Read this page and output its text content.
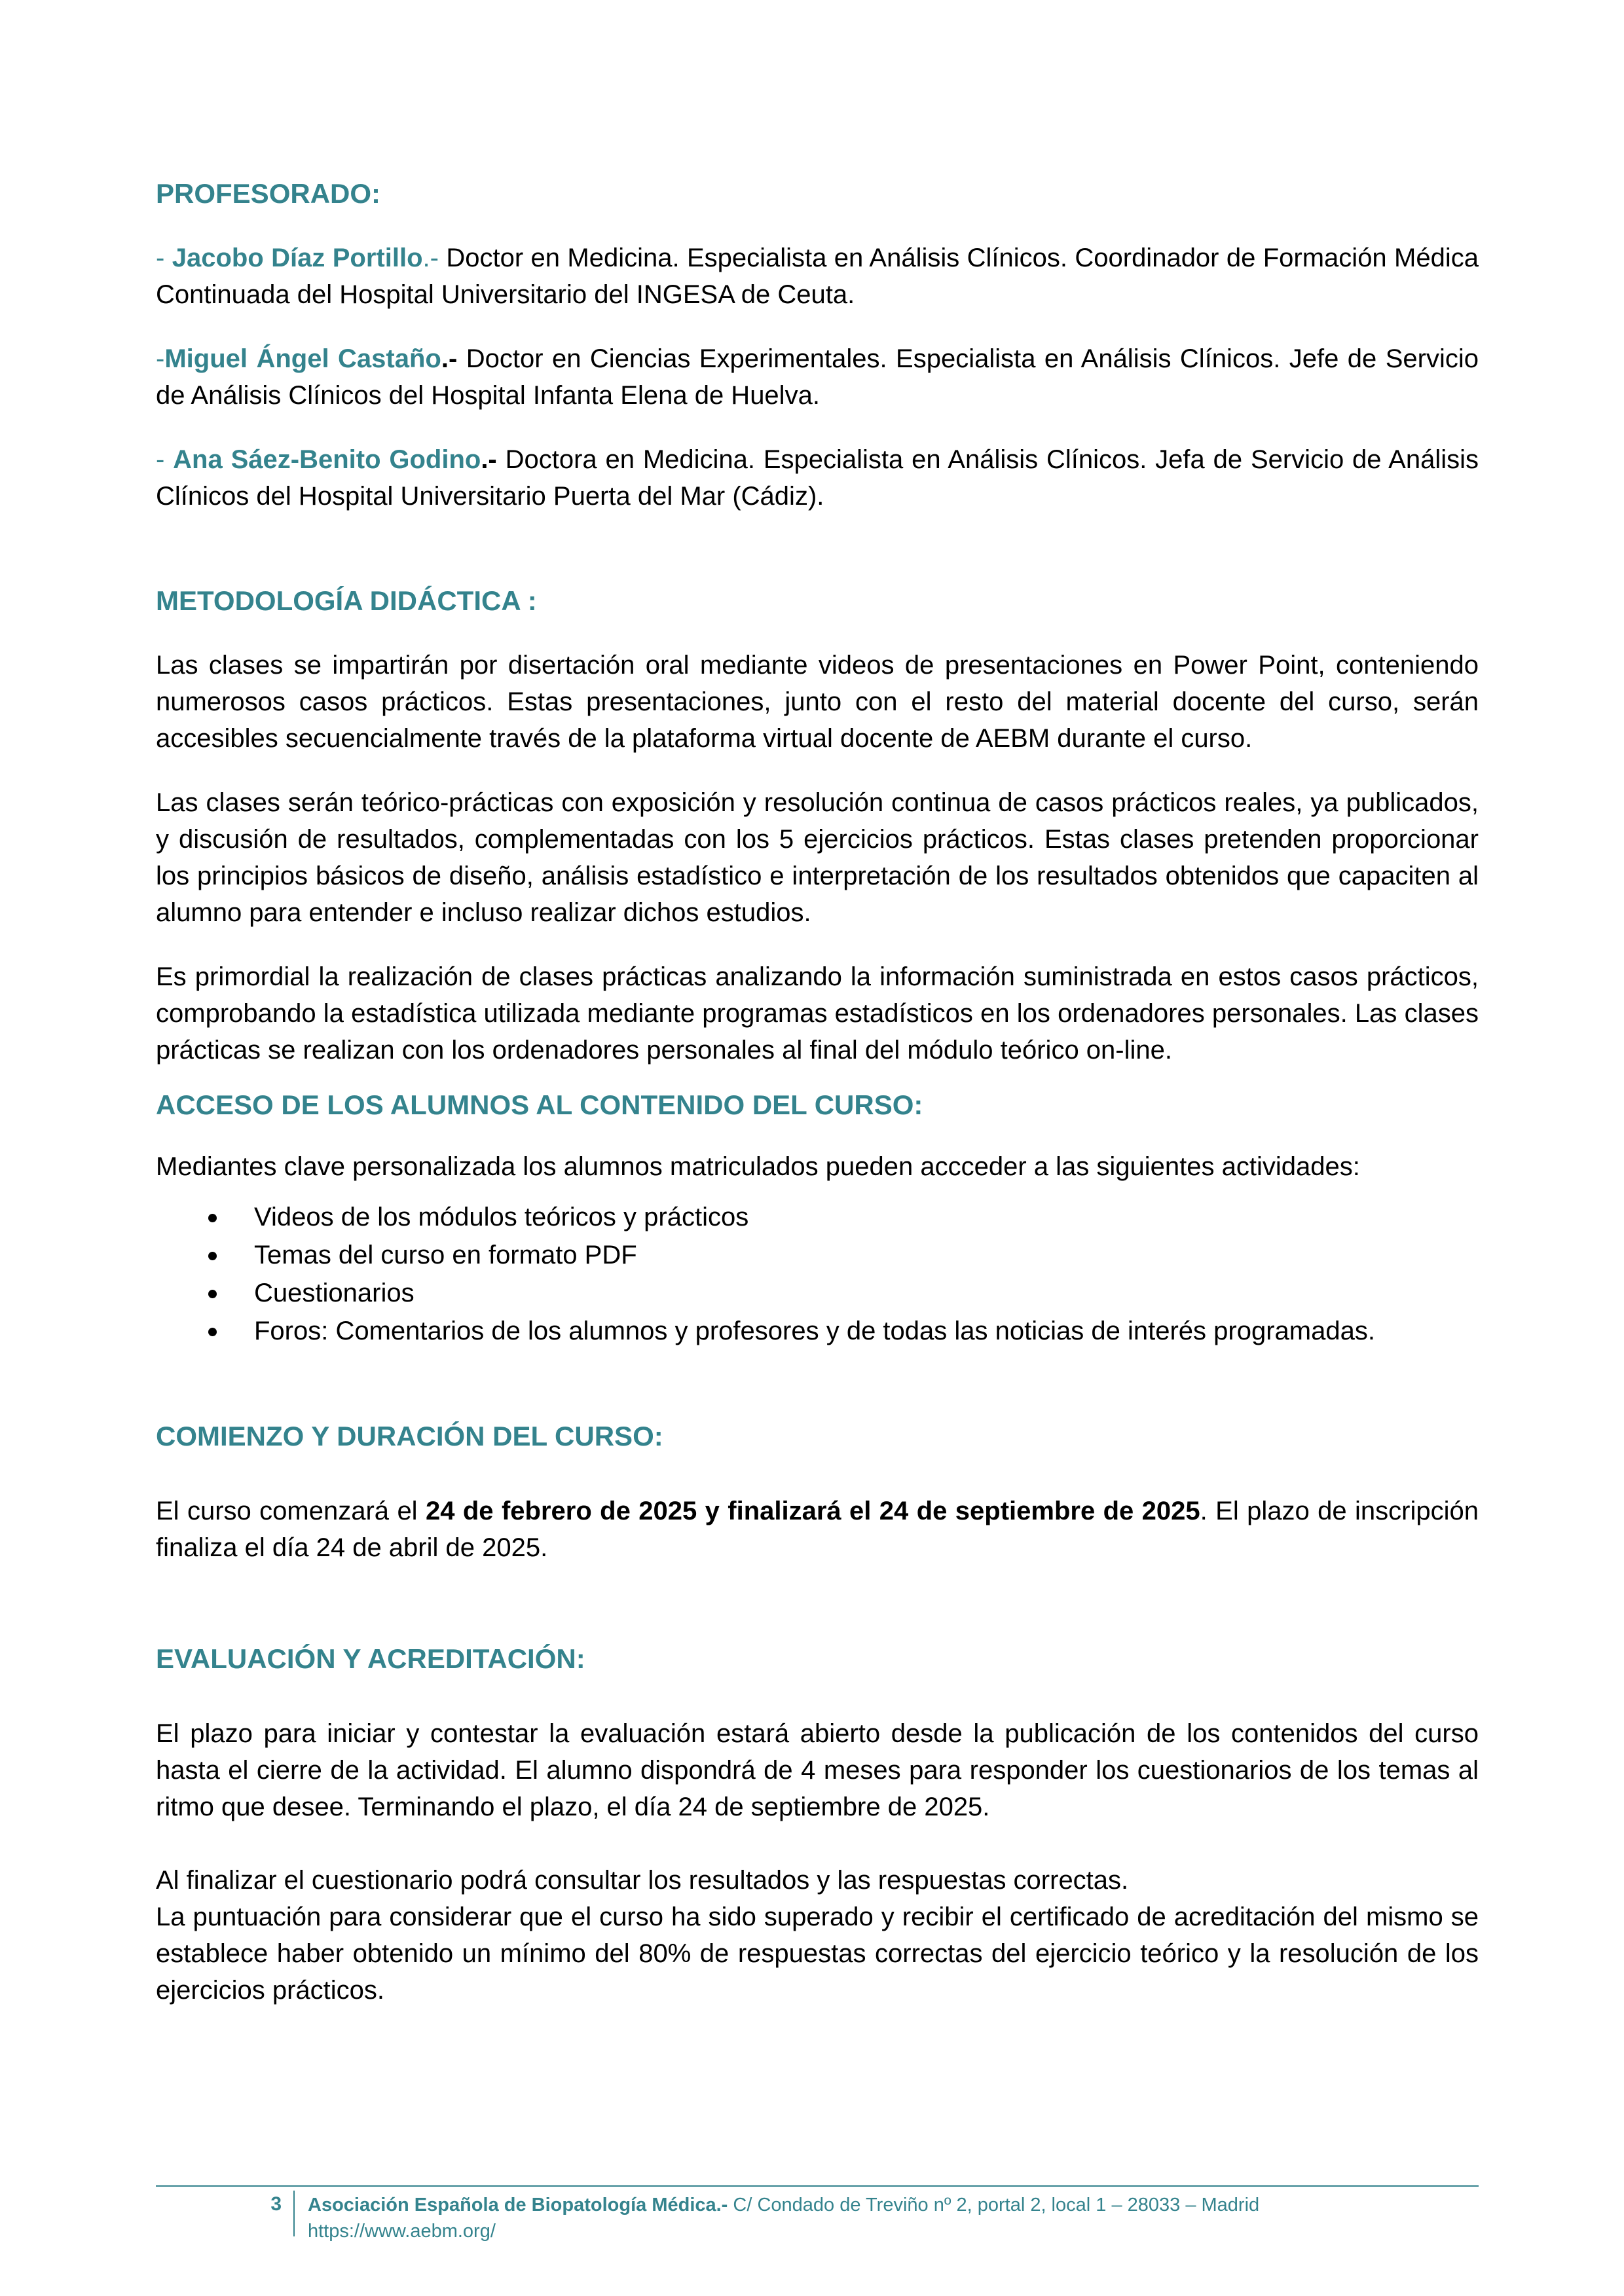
PROFESORADO:

- Jacobo Díaz Portillo.- Doctor en Medicina. Especialista en Análisis Clínicos. Coordinador de Formación Médica Continuada del Hospital Universitario del INGESA de Ceuta.

-Miguel Ángel Castaño.- Doctor en Ciencias Experimentales. Especialista en Análisis Clínicos. Jefe de Servicio de Análisis Clínicos del Hospital Infanta Elena de Huelva.

- Ana Sáez-Benito Godino.- Doctora en Medicina. Especialista en Análisis Clínicos. Jefa de Servicio de Análisis Clínicos del Hospital Universitario Puerta del Mar (Cádiz).

METODOLOGÍA DIDÁCTICA :

Las clases se impartirán por disertación oral mediante videos de presentaciones en Power Point, conteniendo numerosos casos prácticos. Estas presentaciones, junto con el resto del material docente del curso, serán accesibles secuencialmente través de la plataforma virtual docente de AEBM durante el curso.

Las clases serán teórico-prácticas con exposición y resolución continua de casos prácticos reales, ya publicados, y discusión de resultados, complementadas con los 5 ejercicios prácticos. Estas clases pretenden proporcionar los principios básicos de diseño, análisis estadístico e interpretación de los resultados obtenidos que capaciten al alumno para entender e incluso realizar dichos estudios.

Es primordial la realización de clases prácticas analizando la información suministrada en estos casos prácticos, comprobando la estadística utilizada mediante programas estadísticos en los ordenadores personales. Las clases prácticas se realizan con los ordenadores personales al final del módulo teórico on-line.

ACCESO DE LOS ALUMNOS AL CONTENIDO DEL CURSO:

Mediantes clave personalizada los alumnos matriculados pueden accceder a las siguientes actividades:

Videos de los módulos teóricos y prácticos
Temas del curso en formato PDF
Cuestionarios
Foros: Comentarios de los alumnos y profesores y de todas las noticias de interés programadas.
COMIENZO Y DURACIÓN DEL CURSO:

El curso comenzará el 24 de febrero de 2025 y finalizará el 24 de septiembre de 2025. El plazo de inscripción finaliza el día 24 de abril de 2025.

EVALUACIÓN Y ACREDITACIÓN:

El plazo para iniciar y contestar la evaluación estará abierto desde la publicación de los contenidos del curso hasta el cierre de la actividad. El alumno dispondrá de 4 meses para responder los cuestionarios de los temas al ritmo que desee. Terminando el plazo, el día 24 de septiembre de 2025.

Al finalizar el cuestionario podrá consultar los resultados y las respuestas correctas.

La puntuación para considerar que el curso ha sido superado y recibir el certificado de acreditación del mismo se establece haber obtenido un mínimo del 80% de respuestas correctas del ejercicio teórico y la resolución de los ejercicios prácticos.

3 Asociación Española de Biopatología Médica.- C/ Condado de Treviño nº 2, portal 2, local 1 – 28033 – Madrid
https://www.aebm.org/
